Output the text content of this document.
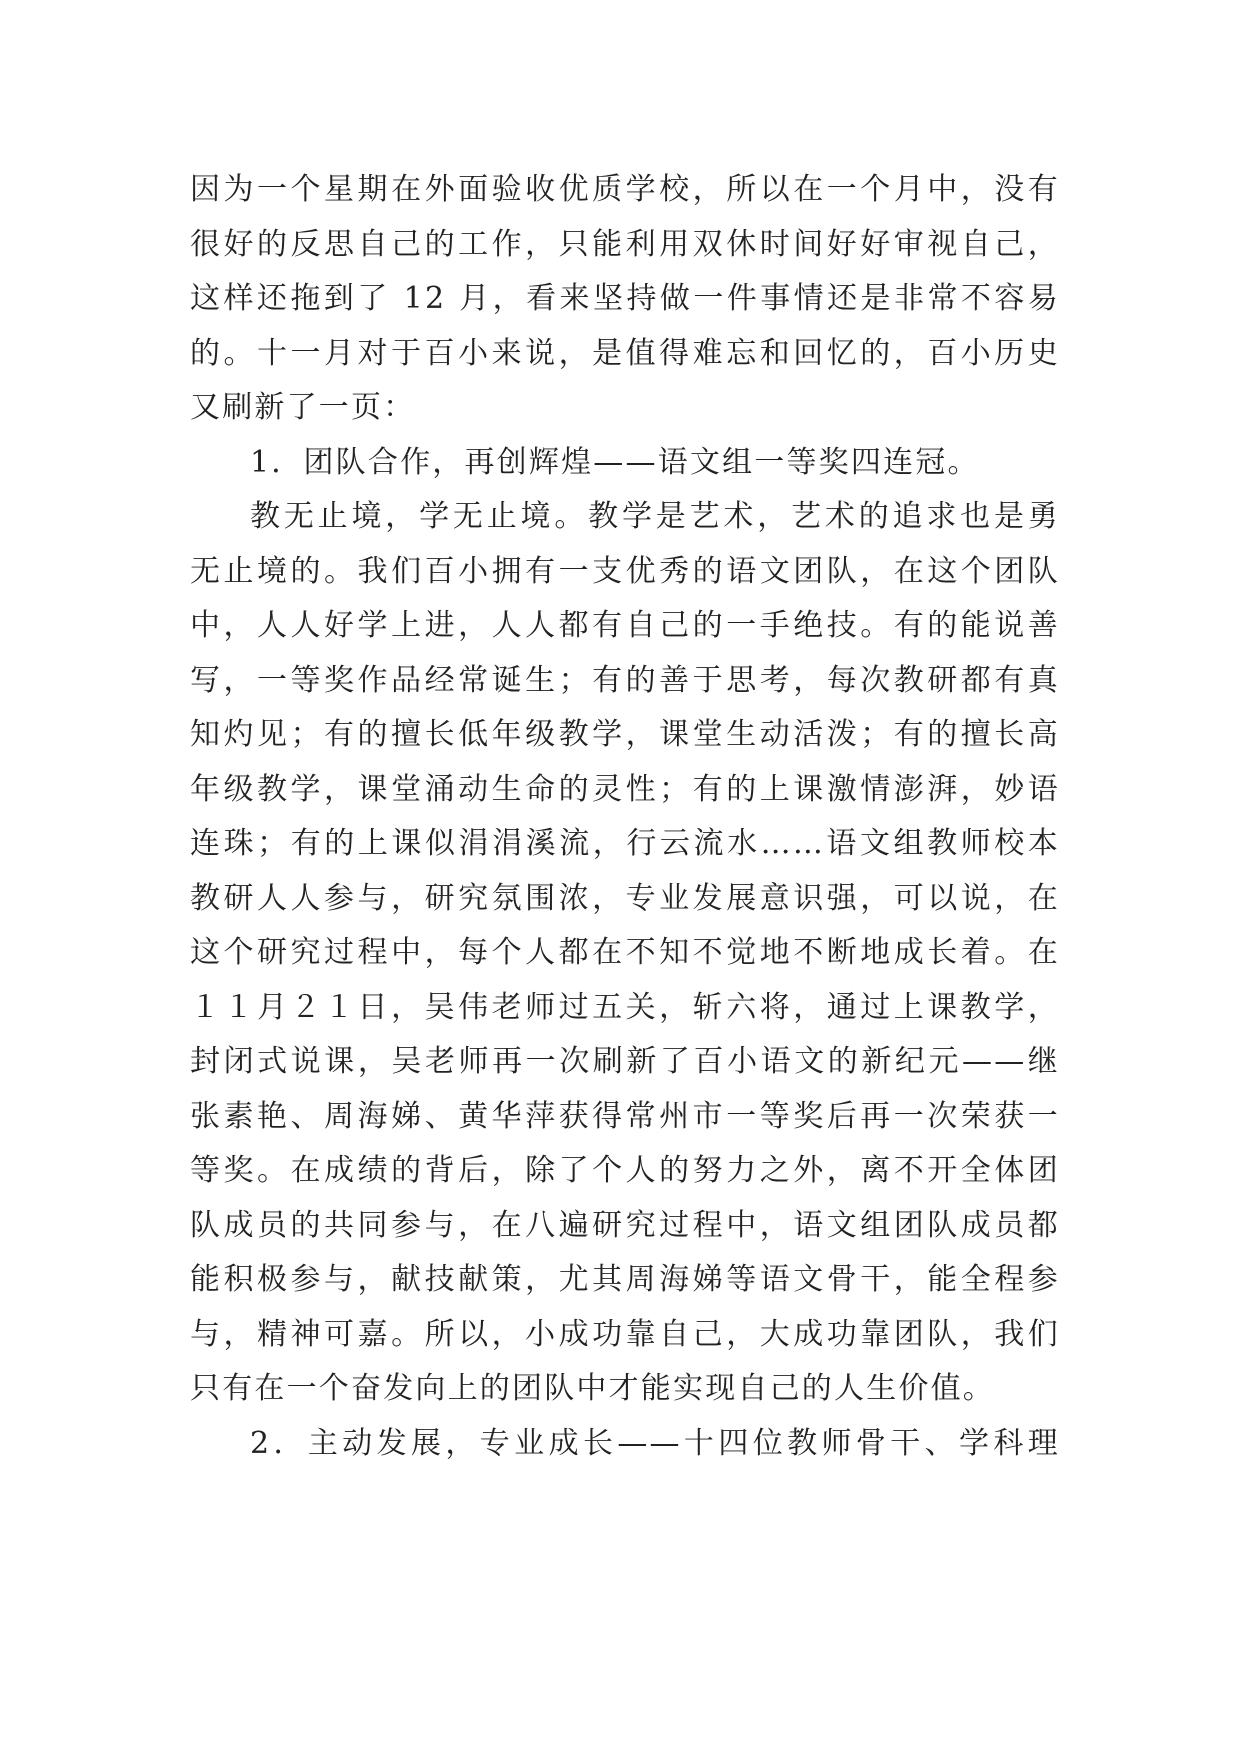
因为一个星期在外面验收优质学校，所以在一个月中，没有
很好的反思自己的工作，只能利用双休时间好好审视自己，
这样还拖到了 12 月，看来坚持做一件事情还是非常不容易
的。十一月对于百小来说，是值得难忘和回忆的，百小历史
又刷新了一页：
1．团队合作，再创辉煌——语文组一等奖四连冠。
教无止境，学无止境。教学是艺术，艺术的追求也是勇
无止境的。我们百小拥有一支优秀的语文团队，在这个团队
中，人人好学上进，人人都有自己的一手绝技。有的能说善
写，一等奖作品经常诞生；有的善于思考，每次教研都有真
知灼见；有的擅长低年级教学，课堂生动活泼；有的擅长高
年级教学，课堂涌动生命的灵性；有的上课激情澎湃，妙语
连珠；有的上课似涓涓溪流，行云流水……语文组教师校本
教研人人参与，研究氛围浓，专业发展意识强，可以说，在
这个研究过程中，每个人都在不知不觉地不断地成长着。在
１１月２１日，吴伟老师过五关，斩六将，通过上课教学，
封闭式说课，吴老师再一次刷新了百小语文的新纪元——继
张素艳、周海娣、黄华萍获得常州市一等奖后再一次荣获一
等奖。在成绩的背后，除了个人的努力之外，离不开全体团
队成员的共同参与，在八遍研究过程中，语文组团队成员都
能积极参与，献技献策，尤其周海娣等语文骨干，能全程参
与，精神可嘉。所以，小成功靠自己，大成功靠团队，我们
只有在一个奋发向上的团队中才能实现自己的人生价值。
2．主动发展，专业成长——十四位教师骨干、学科理
